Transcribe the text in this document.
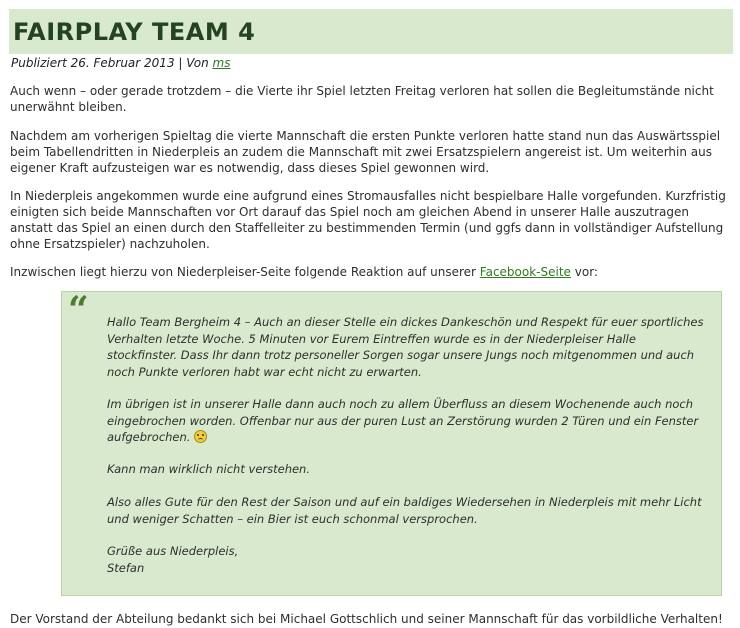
FAIRPLAY TEAM 4
Publiziert 26. Februar 2013 | Von ms

Auch wenn – oder gerade trotzdem – die Vierte ihr Spiel letzten Freitag verloren hat sollen die Begleitumstände nicht unerwähnt bleiben.

Nachdem am vorherigen Spieltag die vierte Mannschaft die ersten Punkte verloren hatte stand nun das Auswärtsspiel beim Tabellendritten in Niederpleis an zudem die Mannschaft mit zwei Ersatzspielern angereist ist. Um weiterhin aus eigener Kraft aufzusteigen war es notwendig, dass dieses Spiel gewonnen wird.

In Niederpleis angekommen wurde eine aufgrund eines Stromausfalles nicht bespielbare Halle vorgefunden. Kurzfristig einigten sich beide Mannschaften vor Ort darauf das Spiel noch am gleichen Abend in unserer Halle auszutragen anstatt das Spiel an einen durch den Staffelleiter zu bestimmenden Termin (und ggfs dann in vollständiger Aufstellung ohne Ersatzspieler) nachzuholen.

Inzwischen liegt hierzu von Niederpleiser-Seite folgende Reaktion auf unserer Facebook-Seite vor:

“ Hallo Team Bergheim 4 – Auch an dieser Stelle ein dickes Dankeschön und Respekt für euer sportliches Verhalten letzte Woche. 5 Minuten vor Eurem Eintreffen wurde es in der Niederpleiser Halle stockfinster. Dass Ihr dann trotz personeller Sorgen sogar unsere Jungs noch mitgenommen und auch noch Punkte verloren habt war echt nicht zu erwarten.

Im übrigen ist in unserer Halle dann auch noch zu allem Überfluss an diesem Wochenende auch noch eingebrochen worden. Offenbar nur aus der puren Lust an Zerstörung wurden 2 Türen und ein Fenster aufgebrochen.

Kann man wirklich nicht verstehen.

Also alles Gute für den Rest der Saison und auf ein baldiges Wiedersehen in Niederpleis mit mehr Licht und weniger Schatten – ein Bier ist euch schonmal versprochen.

Grüße aus Niederpleis,

Stefan

Der Vorstand der Abteilung bedankt sich bei Michael Gottschlich und seiner Mannschaft für das vorbildliche Verhalten!
